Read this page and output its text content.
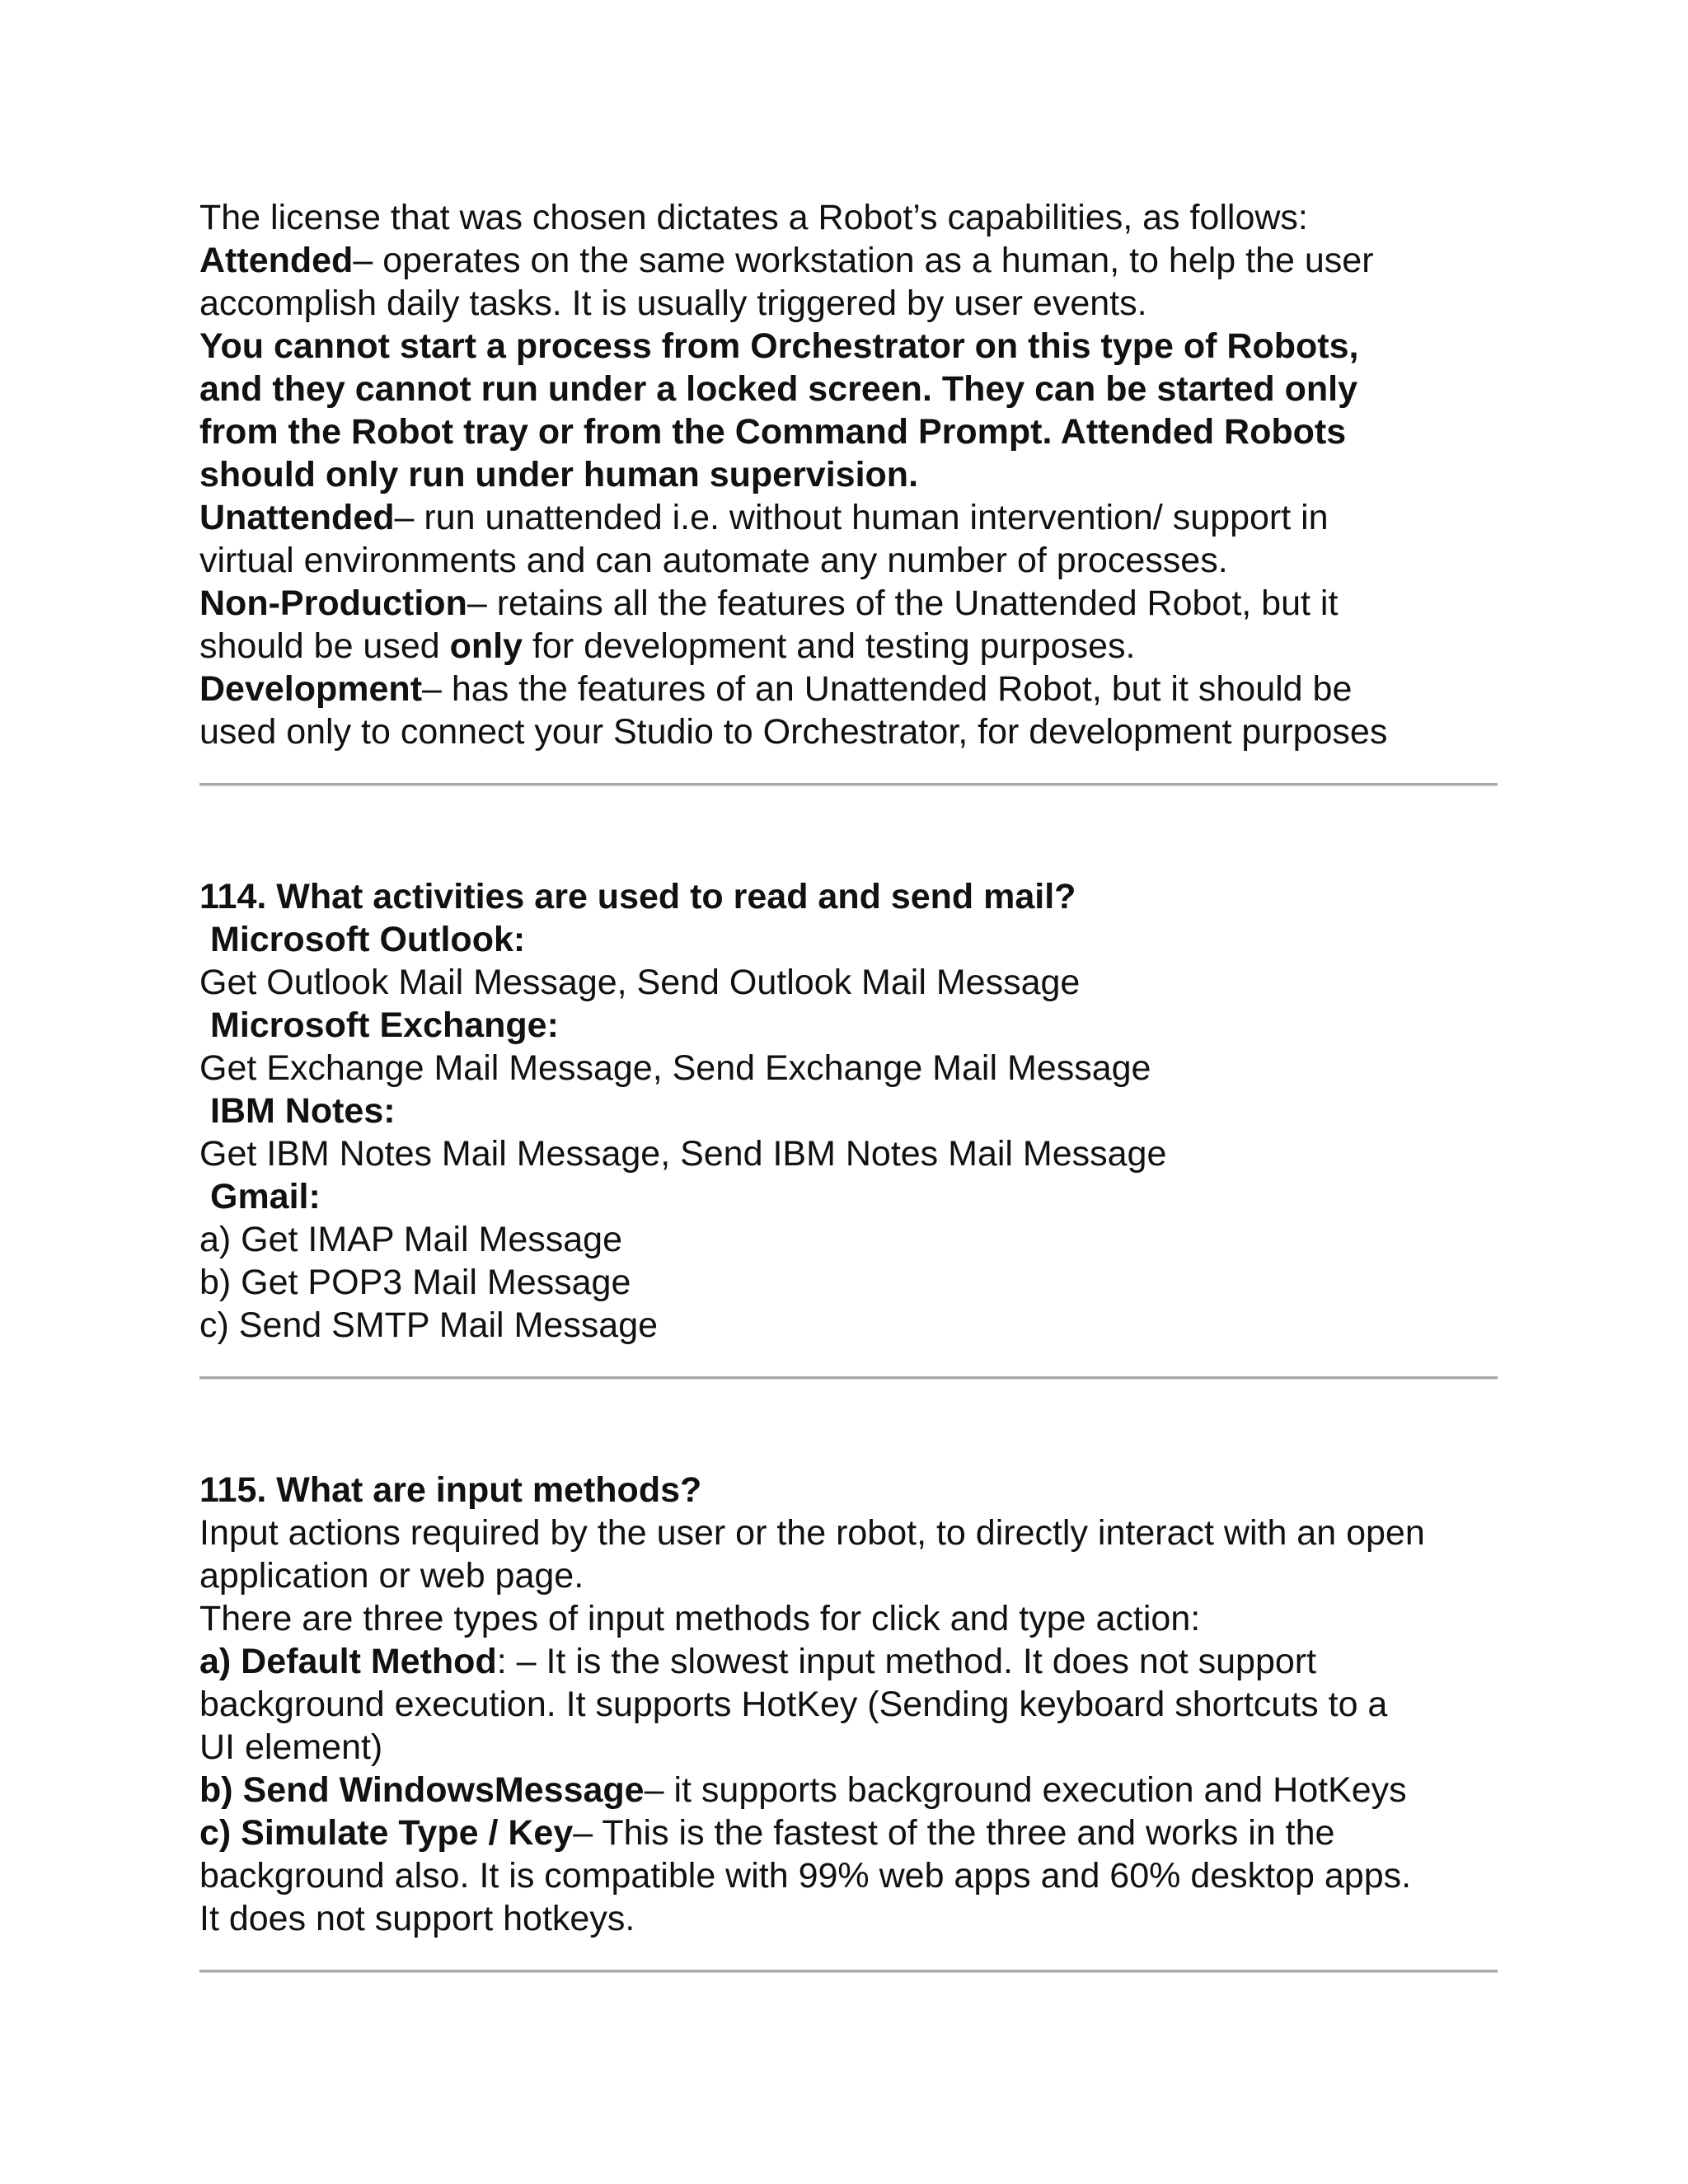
The license that was chosen dictates a Robot’s capabilities, as follows:
Attended– operates on the same workstation as a human, to help the user
accomplish daily tasks. It is usually triggered by user events.
You cannot start a process from Orchestrator on this type of Robots,
and they cannot run under a locked screen. They can be started only
from the Robot tray or from the Command Prompt. Attended Robots
should only run under human supervision.
Unattended– run unattended i.e. without human intervention/ support in
virtual environments and can automate any number of processes.
Non-Production– retains all the features of the Unattended Robot, but it
should be used only for development and testing purposes.
Development– has the features of an Unattended Robot, but it should be
used only to connect your Studio to Orchestrator, for development purposes
114. What activities are used to read and send mail?
Microsoft Outlook:
Get Outlook Mail Message, Send Outlook Mail Message
Microsoft Exchange:
Get Exchange Mail Message, Send Exchange Mail Message
IBM Notes:
Get IBM Notes Mail Message, Send IBM Notes Mail Message
Gmail:
a) Get IMAP Mail Message
b) Get POP3 Mail Message
c) Send SMTP Mail Message
115. What are input methods?
Input actions required by the user or the robot, to directly interact with an open
application or web page.
There are three types of input methods for click and type action:
a) Default Method: – It is the slowest input method. It does not support
background execution. It supports HotKey (Sending keyboard shortcuts to a
UI element)
b) Send WindowsMessage– it supports background execution and HotKeys
c) Simulate Type / Key– This is the fastest of the three and works in the
background also. It is compatible with 99% web apps and 60% desktop apps.
It does not support hotkeys.
